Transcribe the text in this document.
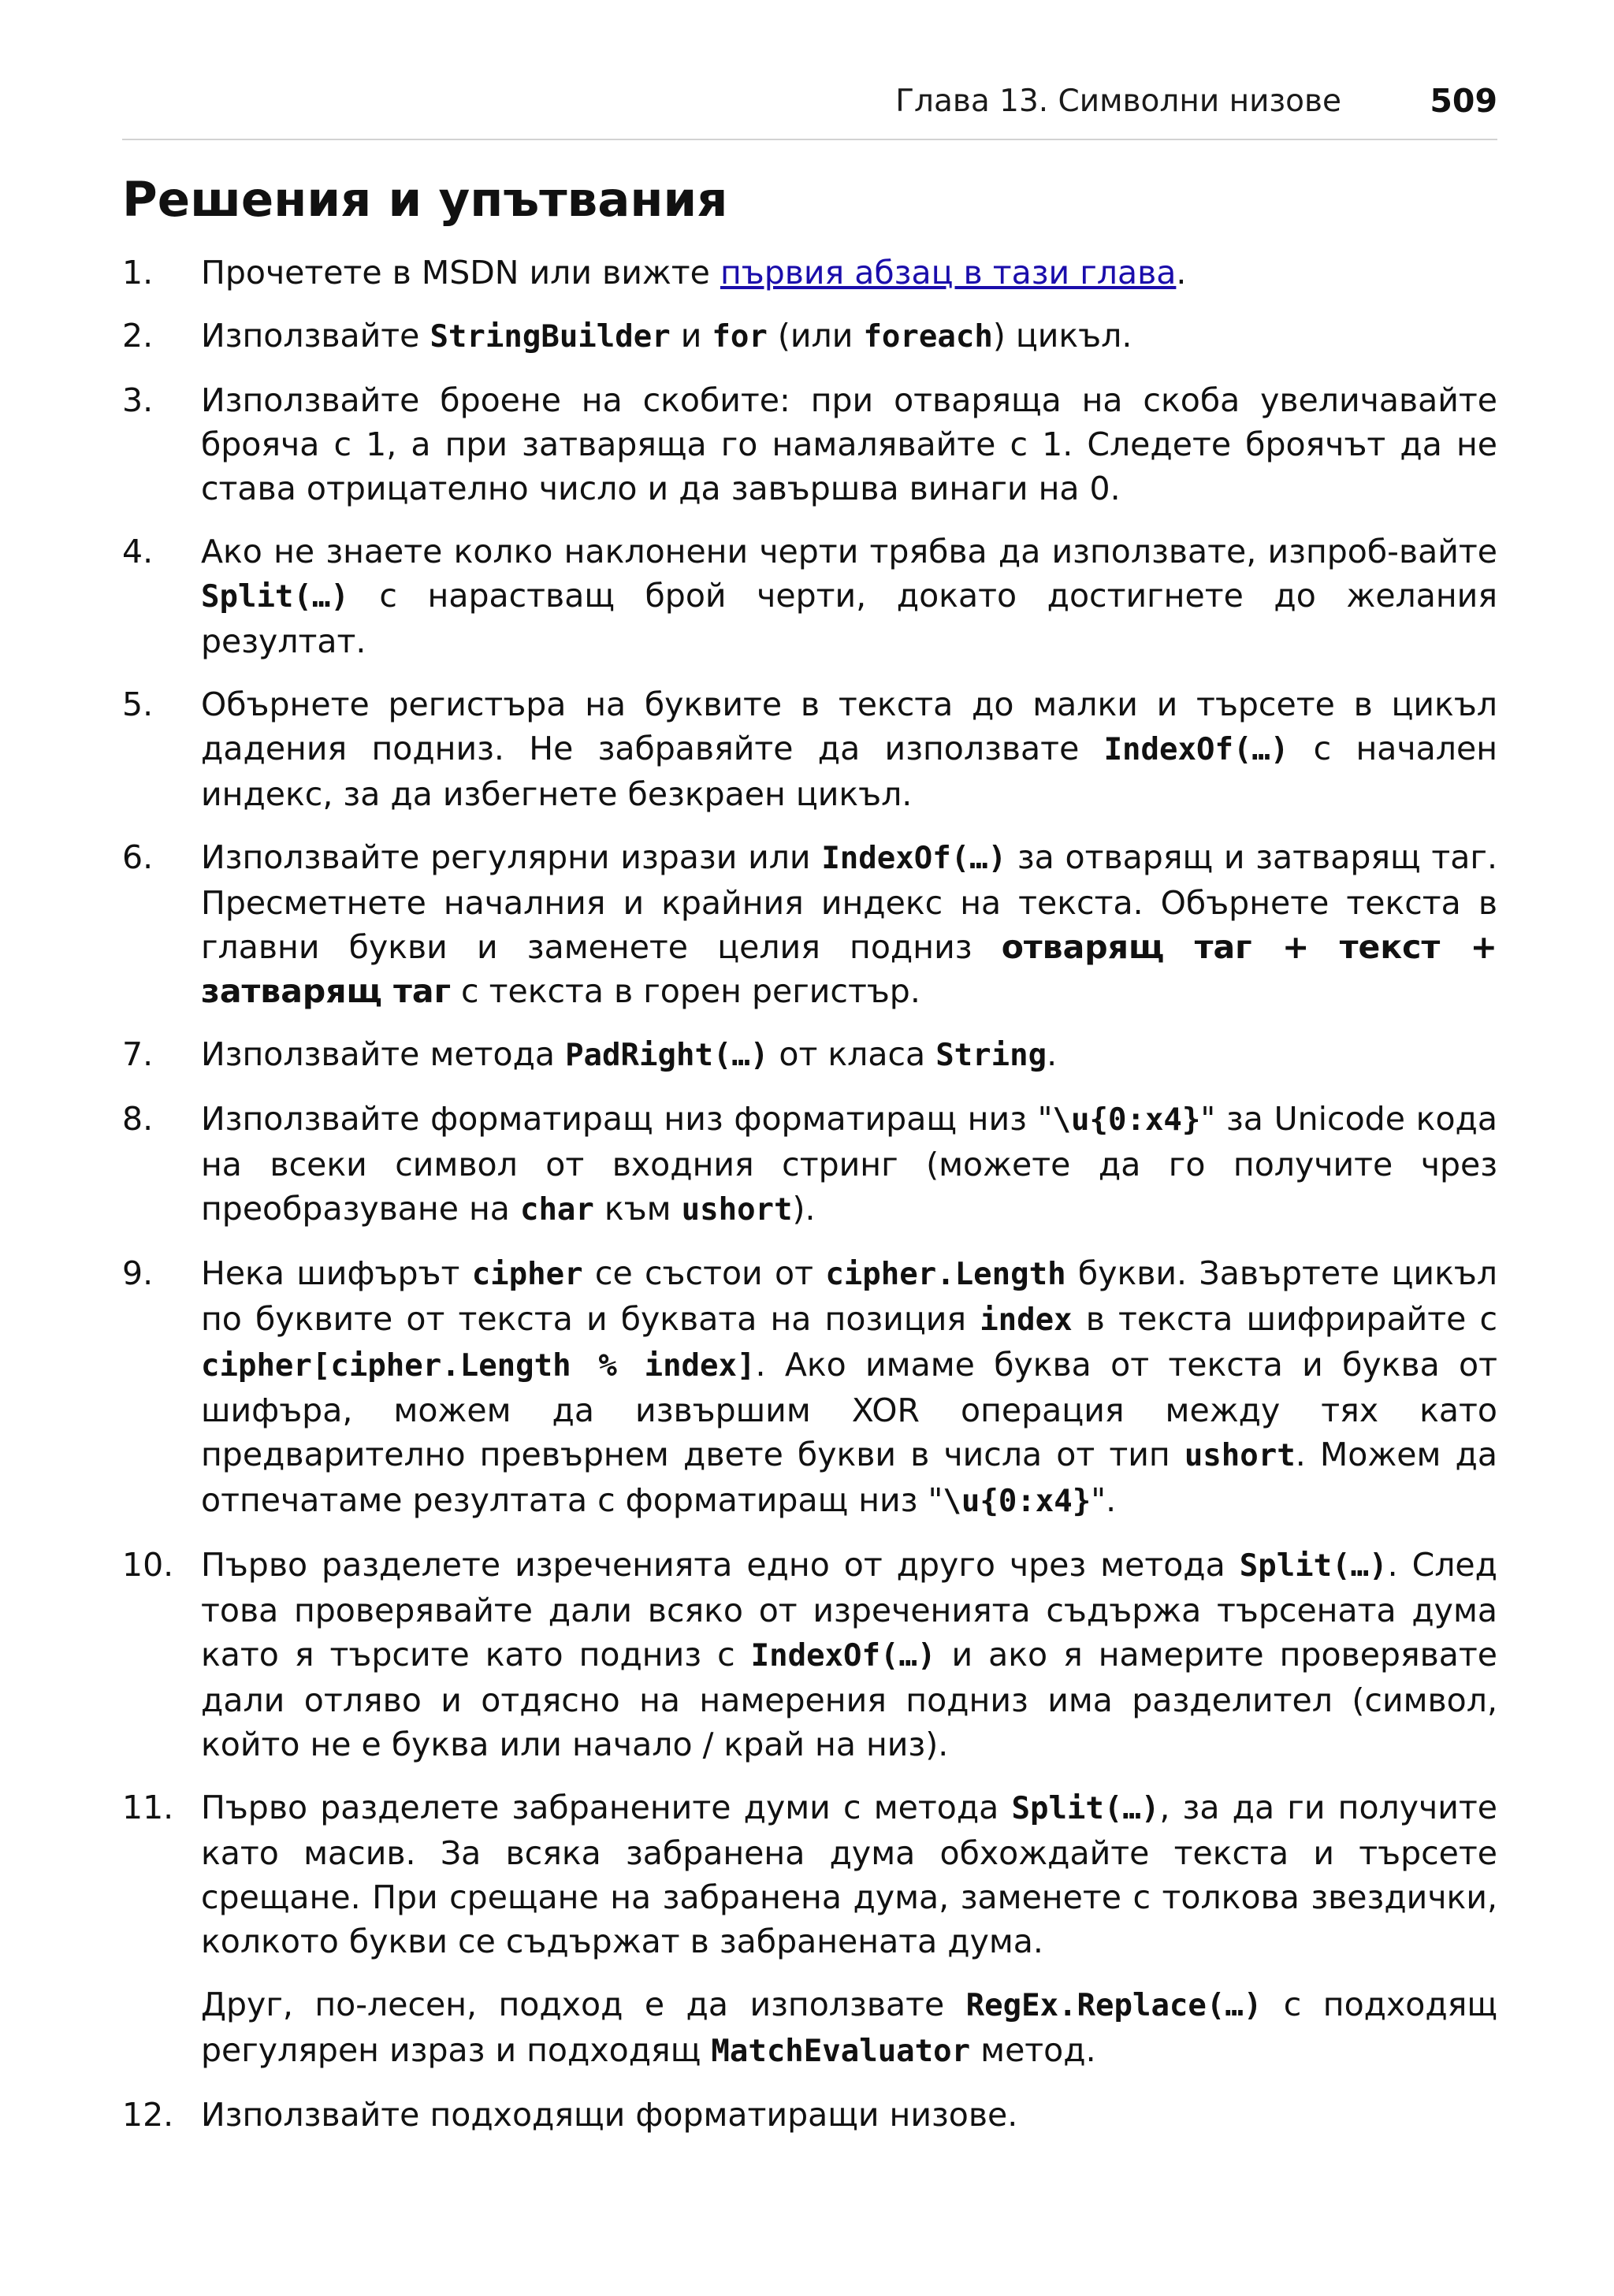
Глава 13. Символни низове	509
Решения и упътвания
1.	Прочетете в MSDN или вижте първия абзац в тази глава.

2.	Използвайте StringBuilder и for (или foreach) цикъл.

3.	Използвайте броене на скобите: при отваряща на скоба увеличавайте брояча с 1, а при затваряща го намалявайте с 1. Следете броячът да не става отрицателно число и да завършва винаги на 0.

4.	Ако не знаете колко наклонени черти трябва да използвате, изпроб-вайте Split(…) с нарастващ брой черти, докато достигнете до желания резултат.

5.	Обърнете регистъра на буквите в текста до малки и търсете в цикъл дадения подниз. Не забравяйте да използвате IndexOf(…) с начален индекс, за да избегнете безкраен цикъл.

6.	Използвайте регулярни изрази или IndexOf(…) за отварящ и затварящ таг. Пресметнете началния и крайния индекс на текста. Обърнете текста в главни букви и заменете целия подниз отварящ таг + текст + затварящ таг с текста в горен регистър.

7.	Използвайте метода PadRight(…) от класа String.

8.	Използвайте форматиращ низ форматиращ низ "\u{0:x4}" за Unicode кода на всеки символ от входния стринг (можете да го получите чрез преобразуване на char към ushort).

9.	Нека шифърът cipher се състои от cipher.Length букви. Завъртете цикъл по буквите от текста и буквата на позиция index в текста шифрирайте с cipher[cipher.Length % index]. Ако имаме буква от текста и буква от шифъра, можем да извършим XOR операция между тях като предварително превърнем двете букви в числа от тип ushort. Можем да отпечатаме резултата с форматиращ низ "\u{0:x4}".

10. Първо разделете изреченията едно от друго чрез метода Split(…). След това проверявайте дали всяко от изреченията съдържа търсената дума като я търсите като подниз с IndexOf(…) и ако я намерите проверявате дали отляво и отдясно на намерения подниз има разделител (символ, който не е буква или начало / край на низ).

11. Първо разделете забранените думи с метода Split(…), за да ги получите като масив. За всяка забранена дума обхождайте текста и търсете срещане. При срещане на забранена дума, заменете с толкова звездички, колкото букви се съдържат в забранената дума.

Друг, по-лесен, подход е да използвате RegEx.Replace(…) с подходящ регулярен израз и подходящ MatchEvaluator метод.

12. Използвайте подходящи форматиращи низове.
